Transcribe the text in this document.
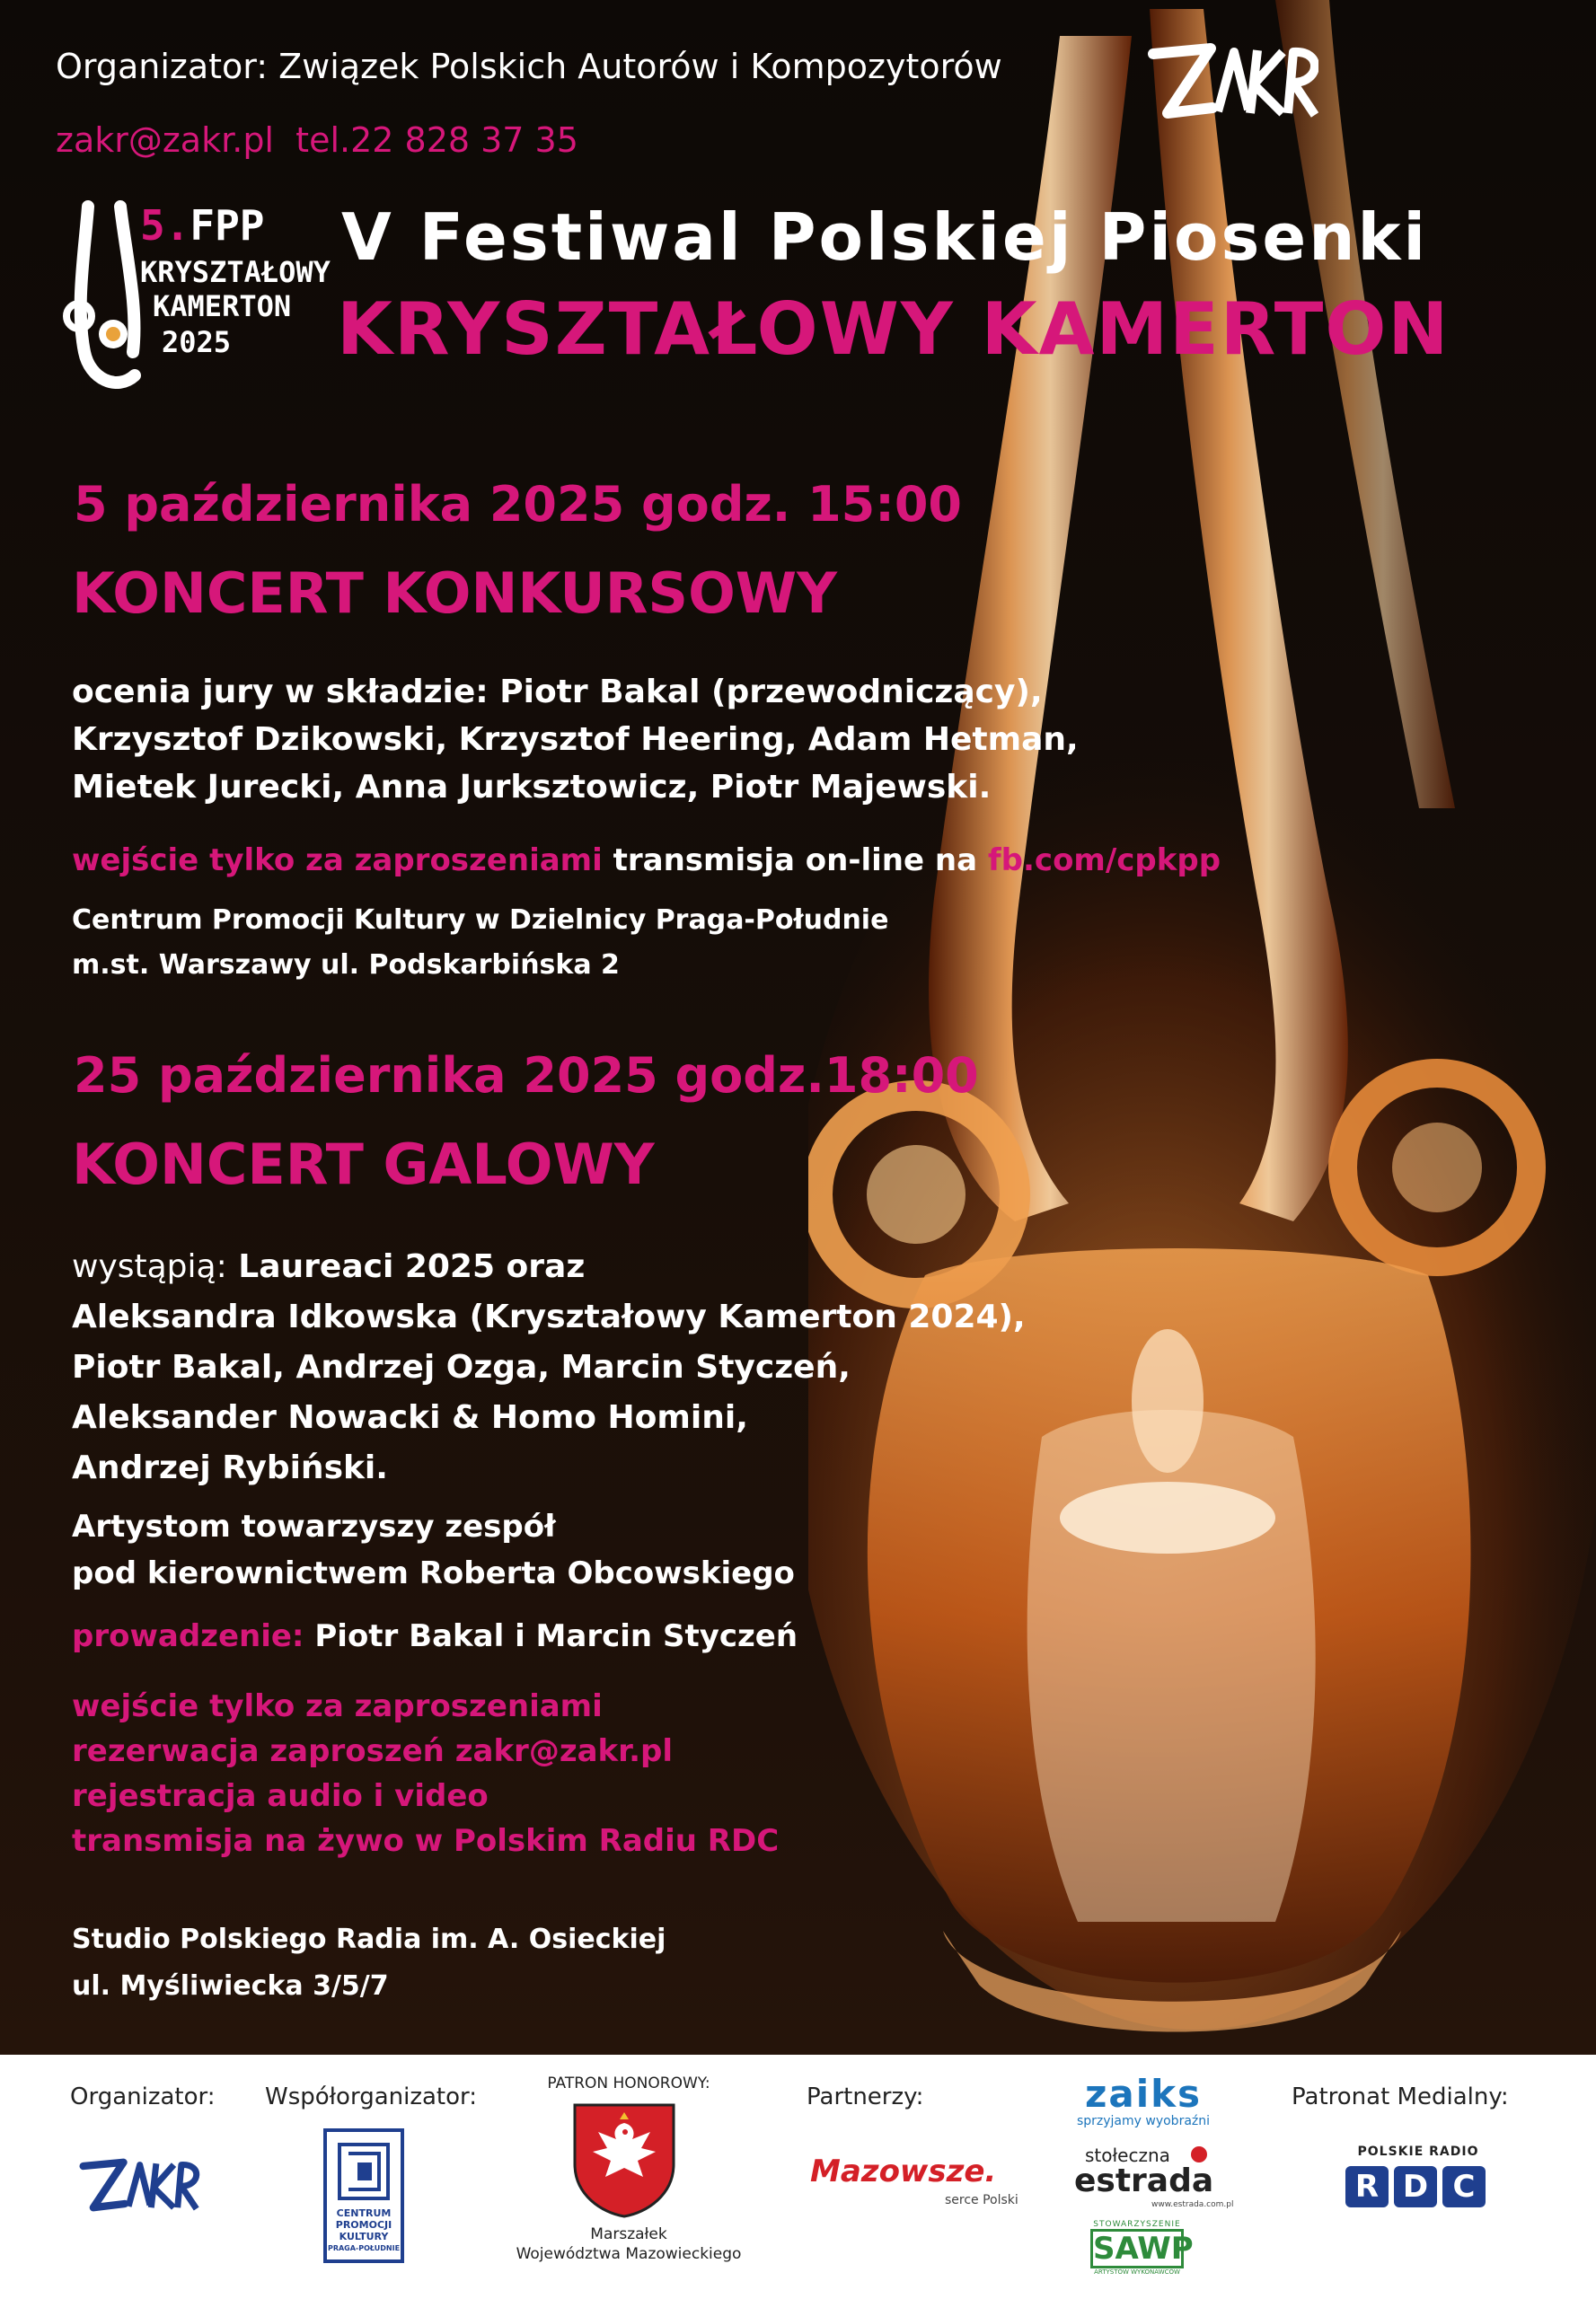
Organizator: Związek Polskich Autorów i Kompozytorów
zakr@zakr.pl tel.22 828 37 35
5.FPP
KRYSZTAŁOWY
KAMERTON
2025
V Festiwal Polskiej Piosenki
KRYSZTAŁOWY KAMERTON
5 października 2025 godz. 15:00
KONCERT KONKURSOWY
ocenia jury w składzie: Piotr Bakal (przewodniczący),
Krzysztof Dzikowski, Krzysztof Heering, Adam Hetman,
Mietek Jurecki, Anna Jurksztowicz, Piotr Majewski.
wejście tylko za zaproszeniami transmisja on-line na fb.com/cpkpp
Centrum Promocji Kultury w Dzielnicy Praga-Południe
m.st. Warszawy ul. Podskarbińska 2
25 października 2025 godz.18:00
KONCERT GALOWY
wystąpią: Laureaci 2025 oraz
Aleksandra Idkowska (Kryształowy Kamerton 2024),
Piotr Bakal, Andrzej Ozga, Marcin Styczeń,
Aleksander Nowacki & Homo Homini,
Andrzej Rybiński.
Artystom towarzyszy zespół
pod kierownictwem Roberta Obcowskiego
prowadzenie: Piotr Bakal i Marcin Styczeń
wejście tylko za zaproszeniami
rezerwacja zaproszeń zakr@zakr.pl
rejestracja audio i video
transmisja na żywo w Polskim Radiu RDC
Studio Polskiego Radia im. A. Osieckiej
ul. Myśliwiecka 3/5/7
Organizator: Współorganizator:
CENTRUM
PROMOCJI
KULTURY
PRAGA-POŁUDNIE
PATRON HONOROWY:
Marszałek
Województwa Mazowieckiego
Partnerzy:
Mazowsze.
serce Polski
zaiks
sprzyjamy wyobraźni
stołeczna
estrada
www.estrada.com.pl
STOWARZYSZENIE
SAWP
ARTYSTÓW WYKONAWCÓW
Patronat Medialny:
POLSKIE RADIO
R D C
